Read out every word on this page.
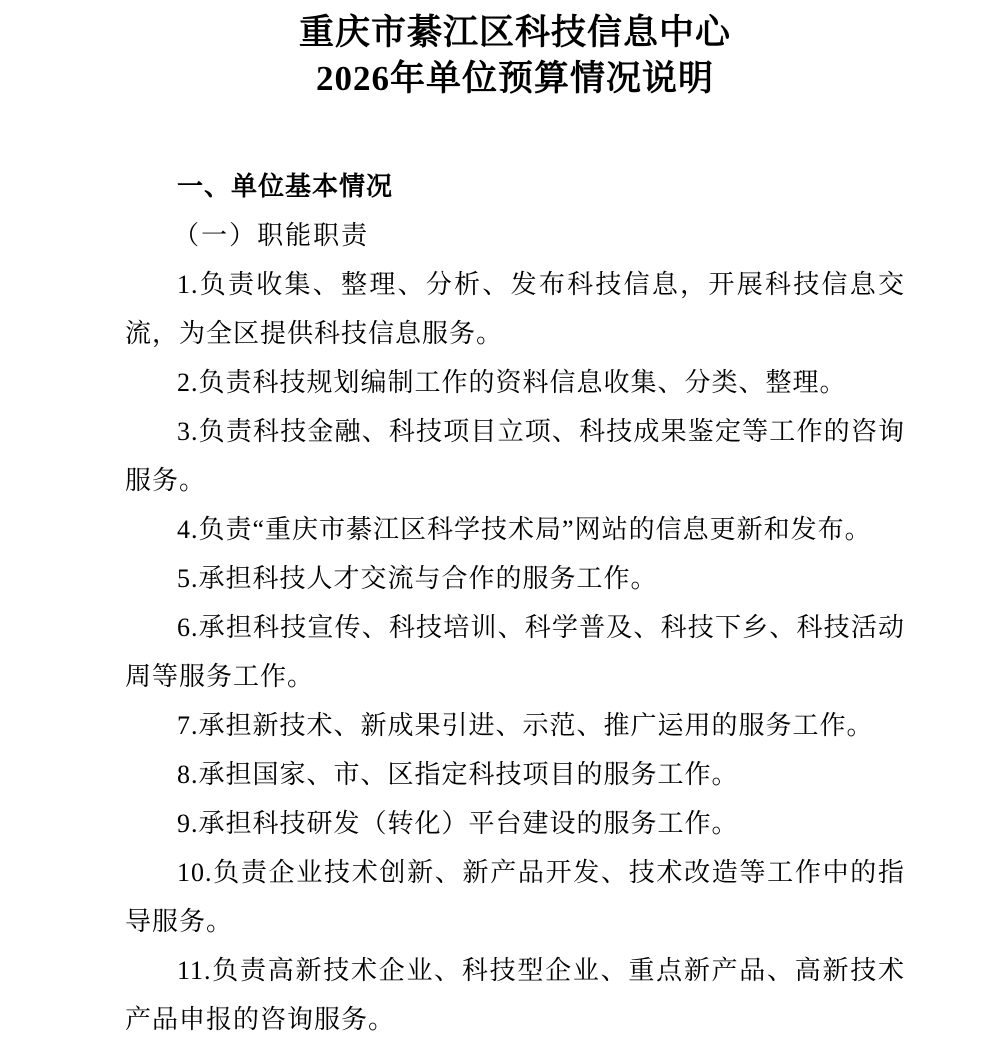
重庆市綦江区科技信息中心
2026年单位预算情况说明
一、单位基本情况
（一）职能职责

1.负责收集、整理、分析、发布科技信息，开展科技信息交流，为全区提供科技信息服务。

2.负责科技规划编制工作的资料信息收集、分类、整理。

3.负责科技金融、科技项目立项、科技成果鉴定等工作的咨询服务。

4.负责“重庆市綦江区科学技术局”网站的信息更新和发布。

5.承担科技人才交流与合作的服务工作。

6.承担科技宣传、科技培训、科学普及、科技下乡、科技活动周等服务工作。

7.承担新技术、新成果引进、示范、推广运用的服务工作。

8.承担国家、市、区指定科技项目的服务工作。

9.承担科技研发（转化）平台建设的服务工作。

10.负责企业技术创新、新产品开发、技术改造等工作中的指导服务。

11.负责高新技术企业、科技型企业、重点新产品、高新技术产品申报的咨询服务。
